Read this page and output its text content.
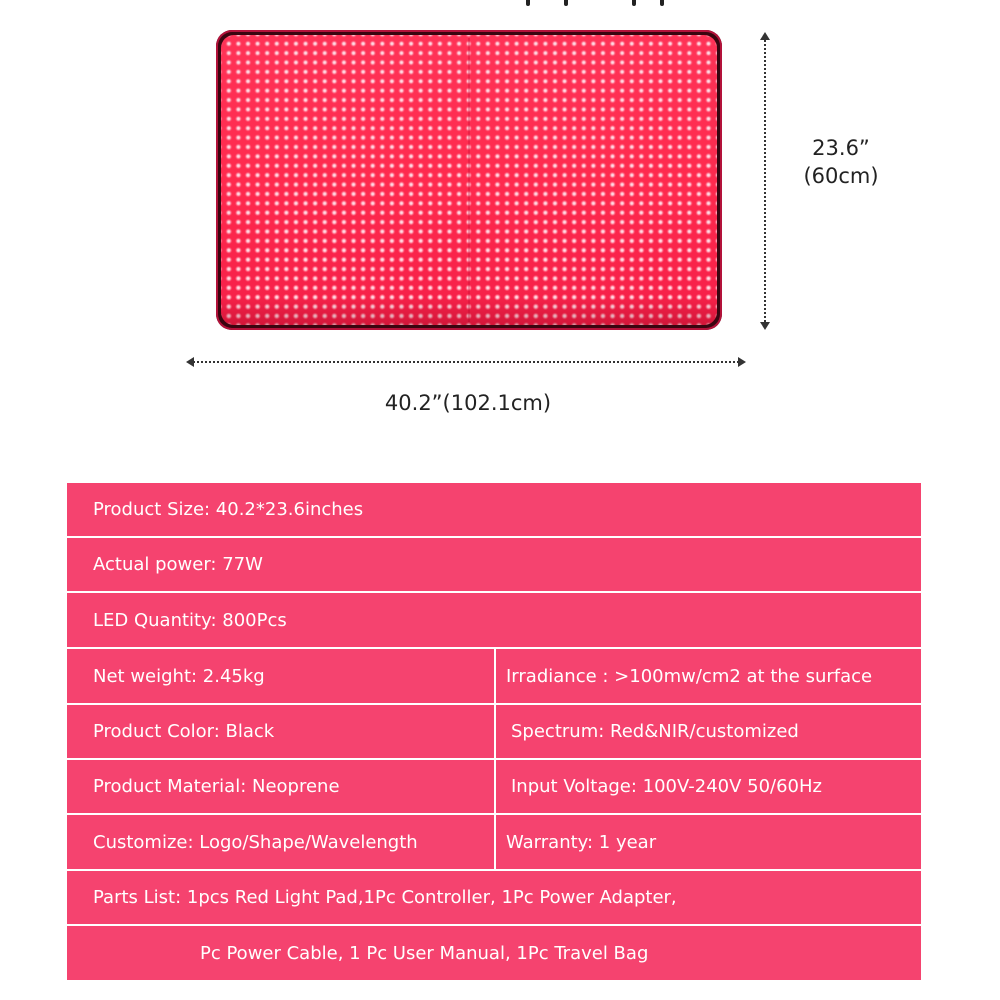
23.6”
(60cm)
40.2”(102.1cm)
Product Size: 40.2*23.6inches
Actual power: 77W
LED Quantity: 800Pcs
Net weight: 2.45kg	Irradiance : >100mw/cm2 at the surface
Product Color: Black	Spectrum: Red&NIR/customized
Product Material: Neoprene	Input Voltage: 100V-240V 50/60Hz
Customize: Logo/Shape/Wavelength	Warranty: 1 year
Parts List: 1pcs Red Light Pad,1Pc Controller, 1Pc Power Adapter,
Pc Power Cable, 1 Pc User Manual, 1Pc Travel Bag
